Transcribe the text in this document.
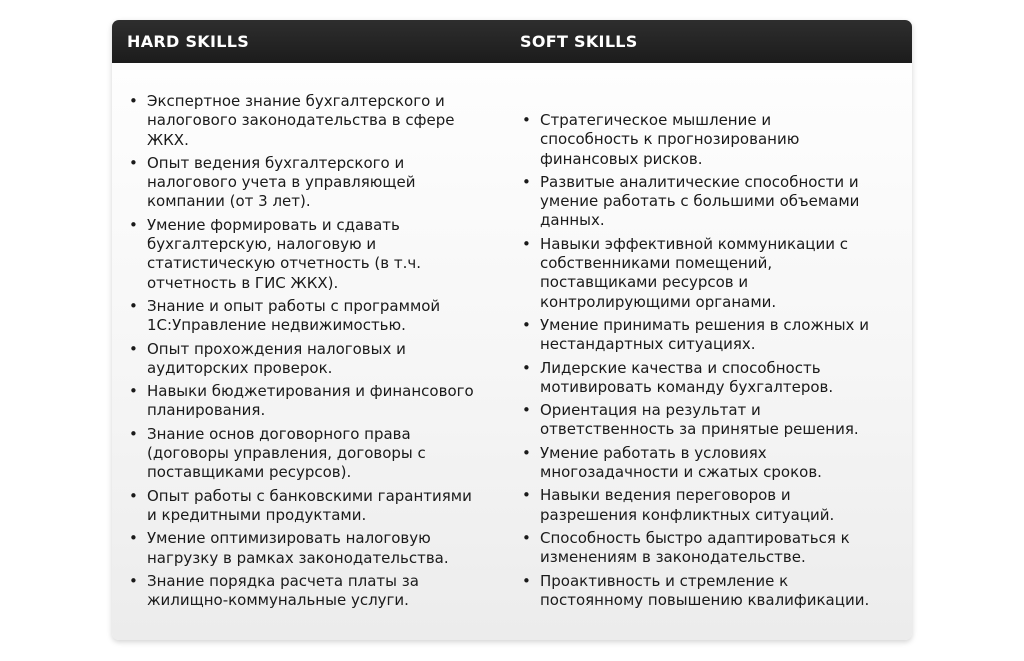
HARD SKILLS	SOFT SKILLS
• Экспертное знание бухгалтерского и налогового законодательства в сфере ЖКХ.
• Опыт ведения бухгалтерского и налогового учета в управляющей компании (от 3 лет).
• Умение формировать и сдавать бухгалтерскую, налоговую и статистическую отчетность (в т.ч. отчетность в ГИС ЖКХ).
• Знание и опыт работы с программой 1С:Управление недвижимостью.
• Опыт прохождения налоговых и аудиторских проверок.
• Навыки бюджетирования и финансового планирования.
• Знание основ договорного права (договоры управления, договоры с поставщиками ресурсов).
• Опыт работы с банковскими гарантиями и кредитными продуктами.
• Умение оптимизировать налоговую нагрузку в рамках законодательства.
• Знание порядка расчета платы за жилищно-коммунальные услуги.
• Стратегическое мышление и способность к прогнозированию финансовых рисков.
• Развитые аналитические способности и умение работать с большими объемами данных.
• Навыки эффективной коммуникации с собственниками помещений, поставщиками ресурсов и контролирующими органами.
• Умение принимать решения в сложных и нестандартных ситуациях.
• Лидерские качества и способность мотивировать команду бухгалтеров.
• Ориентация на результат и ответственность за принятые решения.
• Умение работать в условиях многозадачности и сжатых сроков.
• Навыки ведения переговоров и разрешения конфликтных ситуаций.
• Способность быстро адаптироваться к изменениям в законодательстве.
• Проактивность и стремление к постоянному повышению квалификации.
